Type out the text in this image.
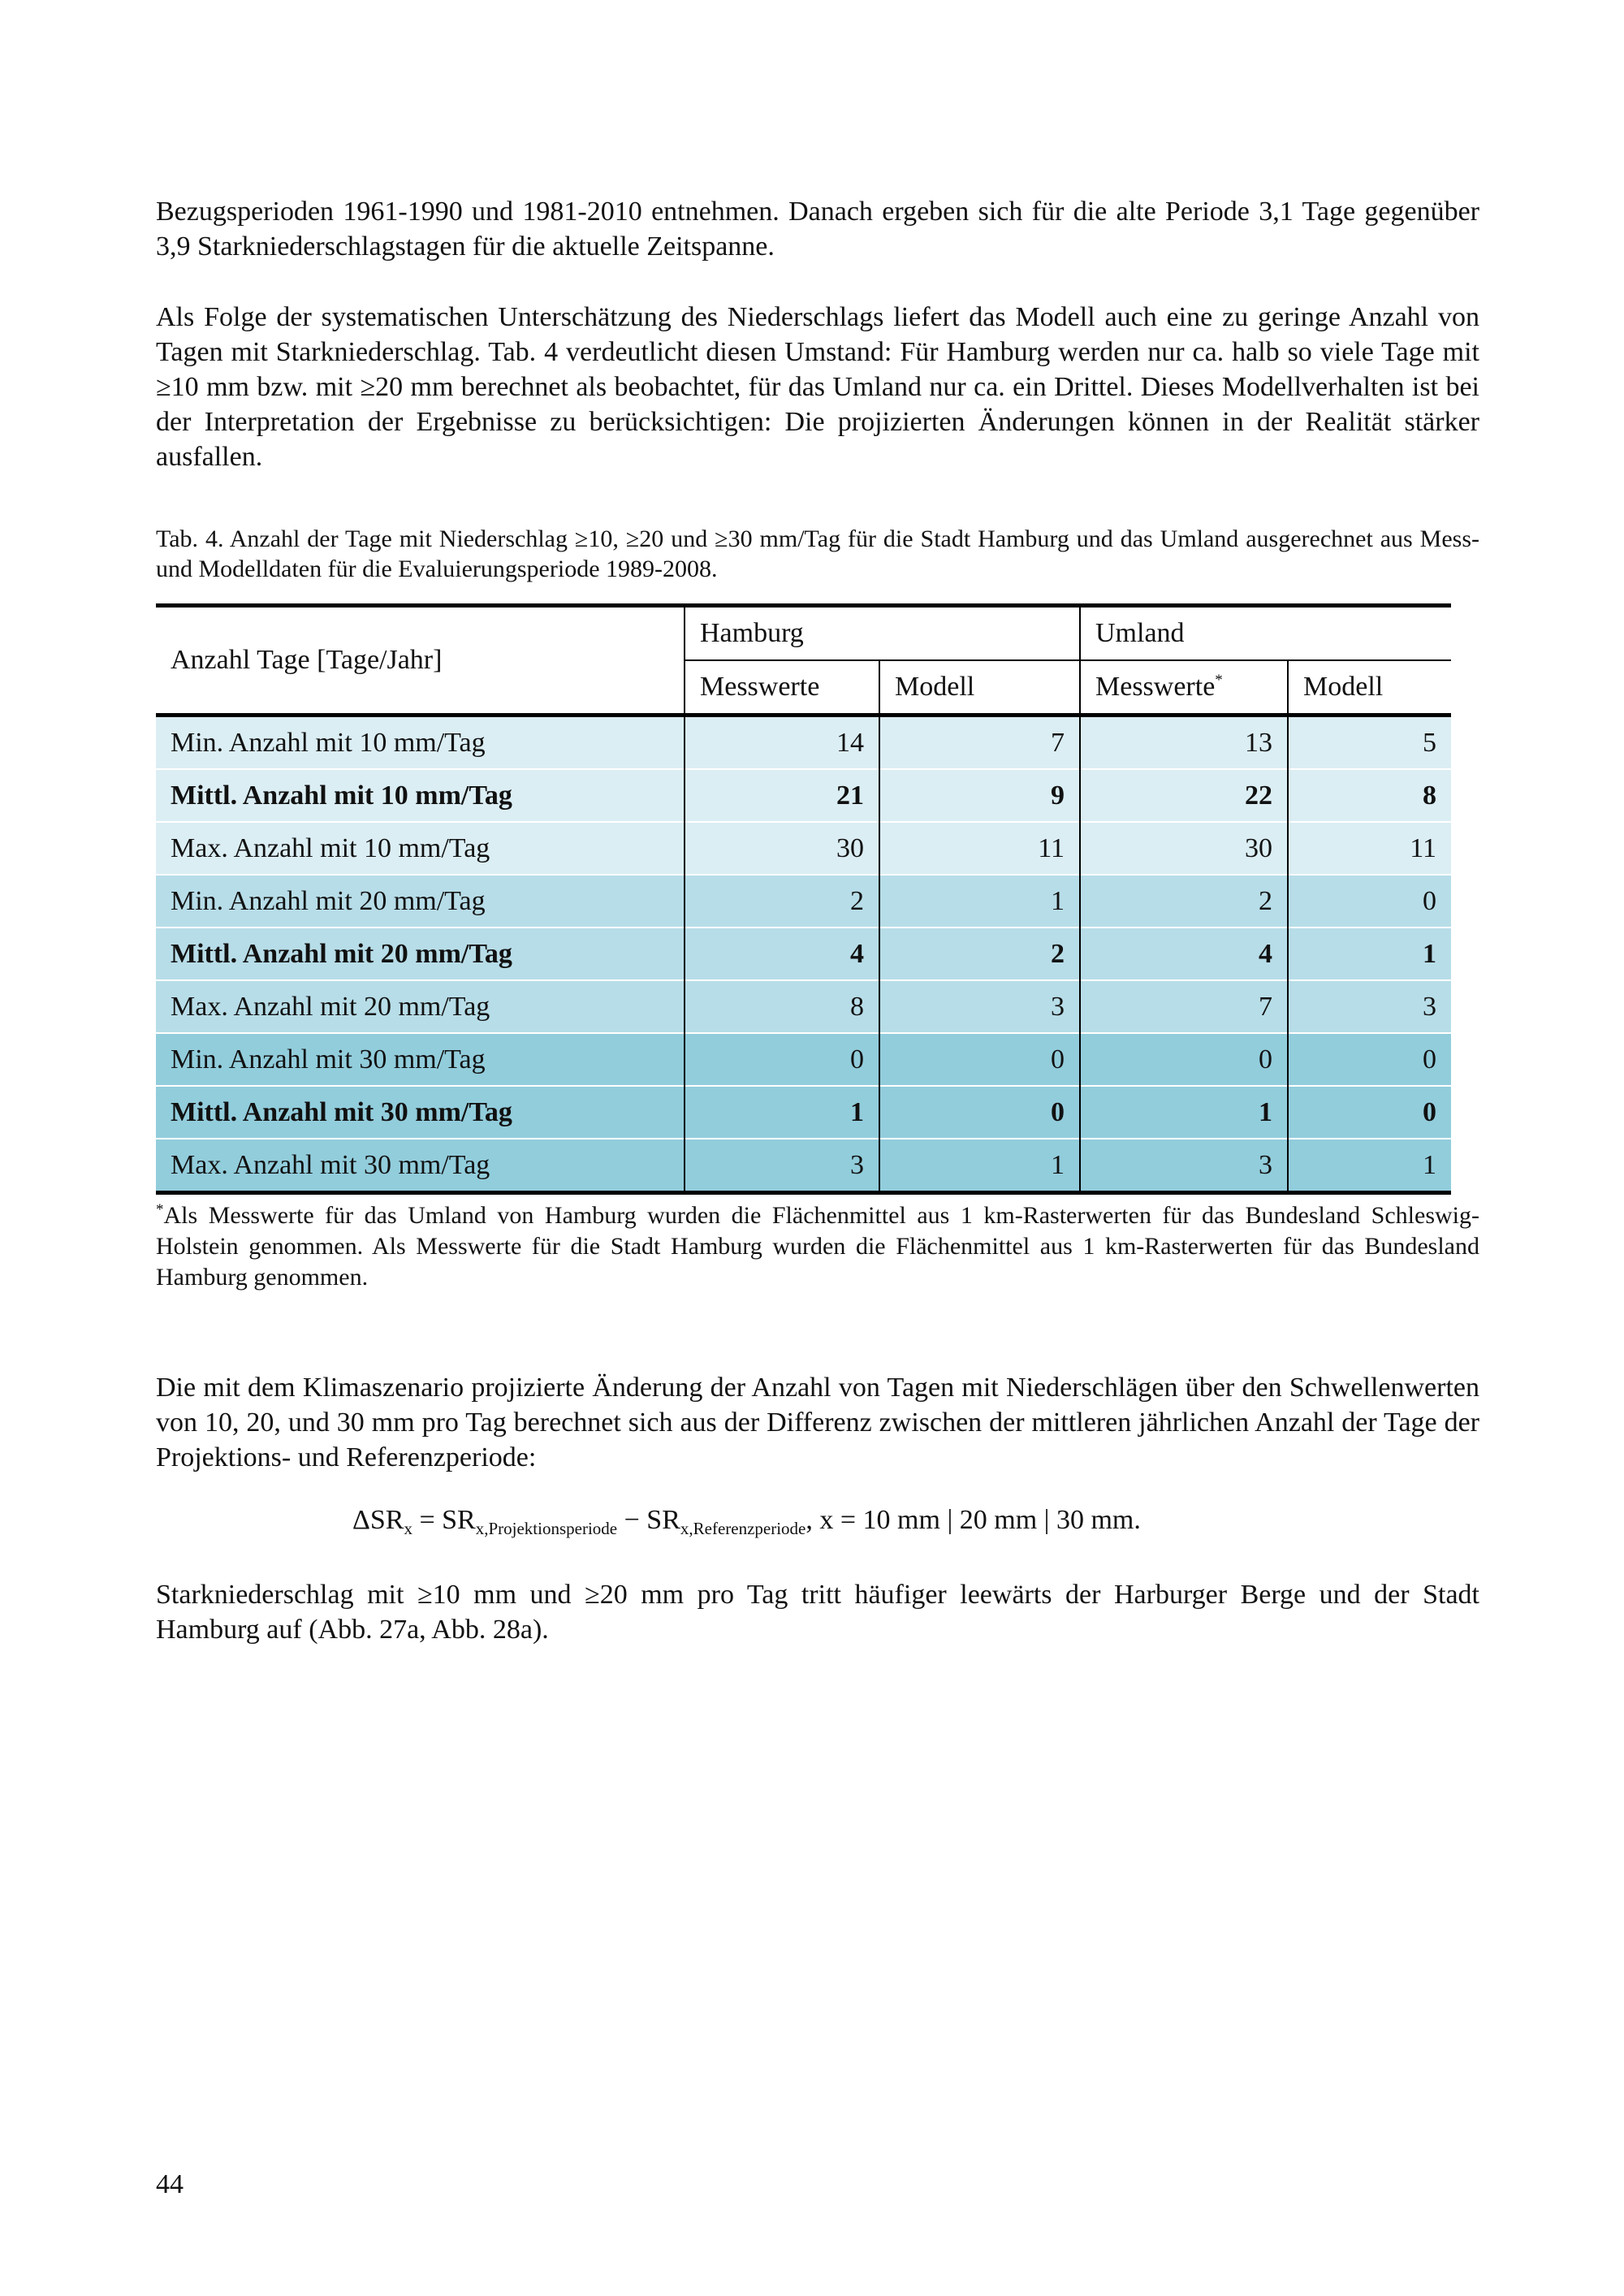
Bezugsperioden 1961-1990 und 1981-2010 entnehmen. Danach ergeben sich für die alte Periode 3,1 Tage gegenüber 3,9 Starkniederschlagstagen für die aktuelle Zeitspanne.

Als Folge der systematischen Unterschätzung des Niederschlags liefert das Modell auch eine zu geringe Anzahl von Tagen mit Starkniederschlag. Tab. 4 verdeutlicht diesen Umstand: Für Hamburg werden nur ca. halb so viele Tage mit ≥10 mm bzw. mit ≥20 mm berechnet als beobachtet, für das Umland nur ca. ein Drittel. Dieses Modellverhalten ist bei der Interpretation der Ergebnisse zu berücksichtigen: Die projizierten Änderungen können in der Realität stärker ausfallen.

Tab. 4. Anzahl der Tage mit Niederschlag ≥10, ≥20 und ≥30 mm/Tag für die Stadt Hamburg und das Umland ausgerechnet aus Mess- und Modelldaten für die Evaluierungsperiode 1989-2008.

Anzahl Tage [Tage/Jahr]	Hamburg		Umland	
	Messwerte	Modell	Messwerte*	Modell
Min. Anzahl mit 10 mm/Tag	14	7	13	5
Mittl. Anzahl mit 10 mm/Tag	21	9	22	8
Max. Anzahl mit 10 mm/Tag	30	11	30	11
Min. Anzahl mit 20 mm/Tag	2	1	2	0
Mittl. Anzahl mit 20 mm/Tag	4	2	4	1
Max. Anzahl mit 20 mm/Tag	8	3	7	3
Min. Anzahl mit 30 mm/Tag	0	0	0	0
Mittl. Anzahl mit 30 mm/Tag	1	0	1	0
Max. Anzahl mit 30 mm/Tag	3	1	3	1

*Als Messwerte für das Umland von Hamburg wurden die Flächenmittel aus 1 km-Rasterwerten für das Bundesland Schleswig-Holstein genommen. Als Messwerte für die Stadt Hamburg wurden die Flächenmittel aus 1 km-Rasterwerten für das Bundesland Hamburg genommen.

Die mit dem Klimaszenario projizierte Änderung der Anzahl von Tagen mit Niederschlägen über den Schwellenwerten von 10, 20, und 30 mm pro Tag berechnet sich aus der Differenz zwischen der mittleren jährlichen Anzahl der Tage der Projektions- und Referenzperiode:

$\Delta SR_x = SR_{x,Projektionsperiode} - SR_{x,Referenzperiode}$, x = 10 mm | 20 mm | 30 mm.

Starkniederschlag mit ≥10 mm und ≥20 mm pro Tag tritt häufiger leewärts der Harburger Berge und der Stadt Hamburg auf (Abb. 27a, Abb. 28a).

44
